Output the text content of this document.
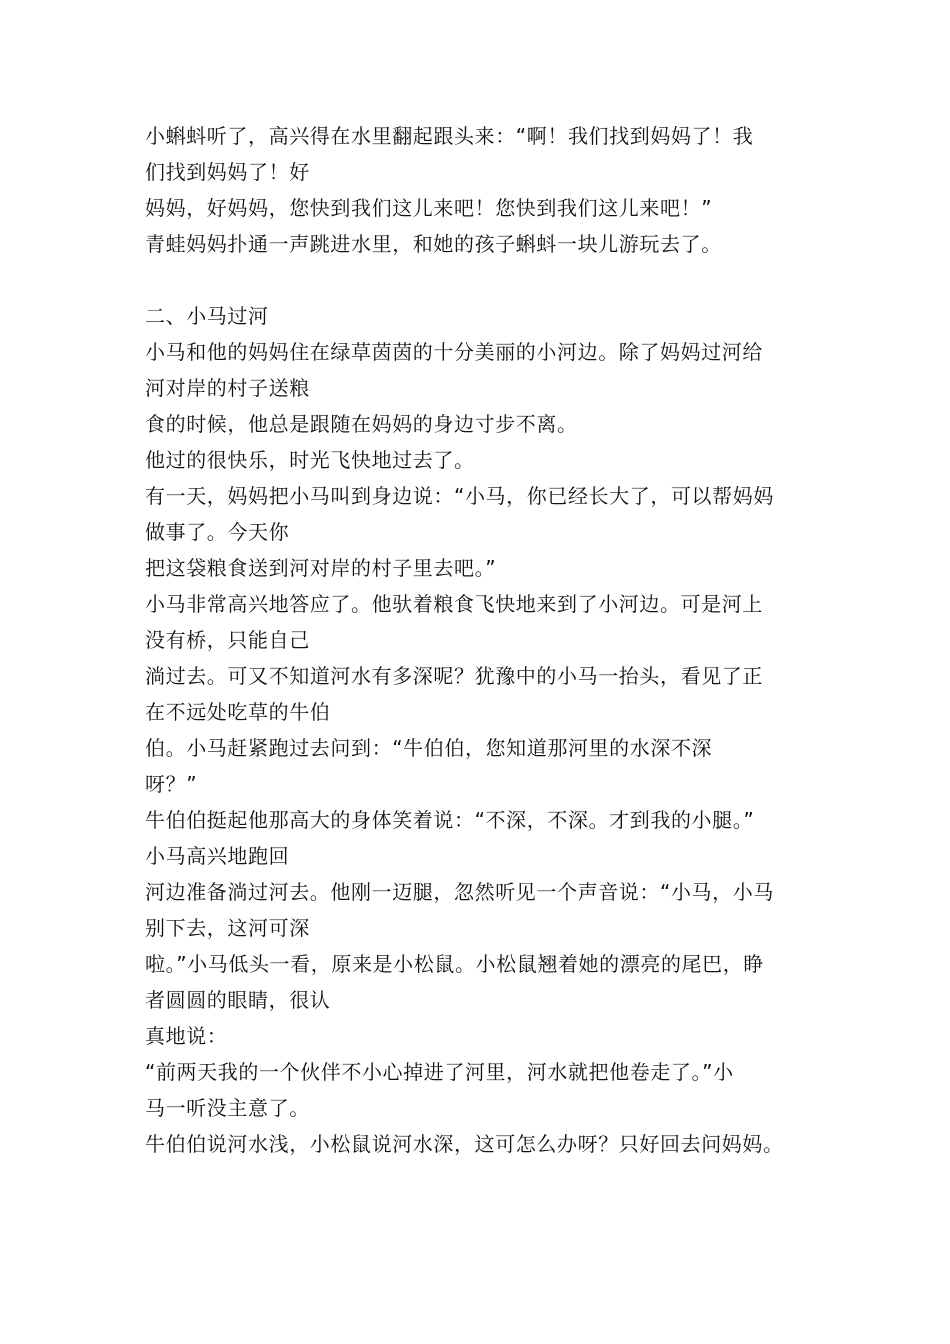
小蝌蚪听了，高兴得在水里翻起跟头来：“啊！我们找到妈妈了！我
们找到妈妈了！好
妈妈，好妈妈，您快到我们这儿来吧！您快到我们这儿来吧！”
青蛙妈妈扑通一声跳进水里，和她的孩子蝌蚪一块儿游玩去了。
二、小马过河
小马和他的妈妈住在绿草茵茵的十分美丽的小河边。除了妈妈过河给
河对岸的村子送粮
食的时候，他总是跟随在妈妈的身边寸步不离。
他过的很快乐，时光飞快地过去了。
有一天，妈妈把小马叫到身边说：“小马，你已经长大了，可以帮妈妈
做事了。今天你
把这袋粮食送到河对岸的村子里去吧。”
小马非常高兴地答应了。他驮着粮食飞快地来到了小河边。可是河上
没有桥，只能自己
淌过去。可又不知道河水有多深呢？犹豫中的小马一抬头，看见了正
在不远处吃草的牛伯
伯。小马赶紧跑过去问到：“牛伯伯，您知道那河里的水深不深
呀？”
牛伯伯挺起他那高大的身体笑着说：“不深，不深。才到我的小腿。”
小马高兴地跑回
河边准备淌过河去。他刚一迈腿，忽然听见一个声音说：“小马，小马
别下去，这河可深
啦。”小马低头一看，原来是小松鼠。小松鼠翘着她的漂亮的尾巴，睁
者圆圆的眼睛，很认
真地说：
“前两天我的一个伙伴不小心掉进了河里，河水就把他卷走了。”小
马一听没主意了。
牛伯伯说河水浅，小松鼠说河水深，这可怎么办呀？只好回去问妈妈。
